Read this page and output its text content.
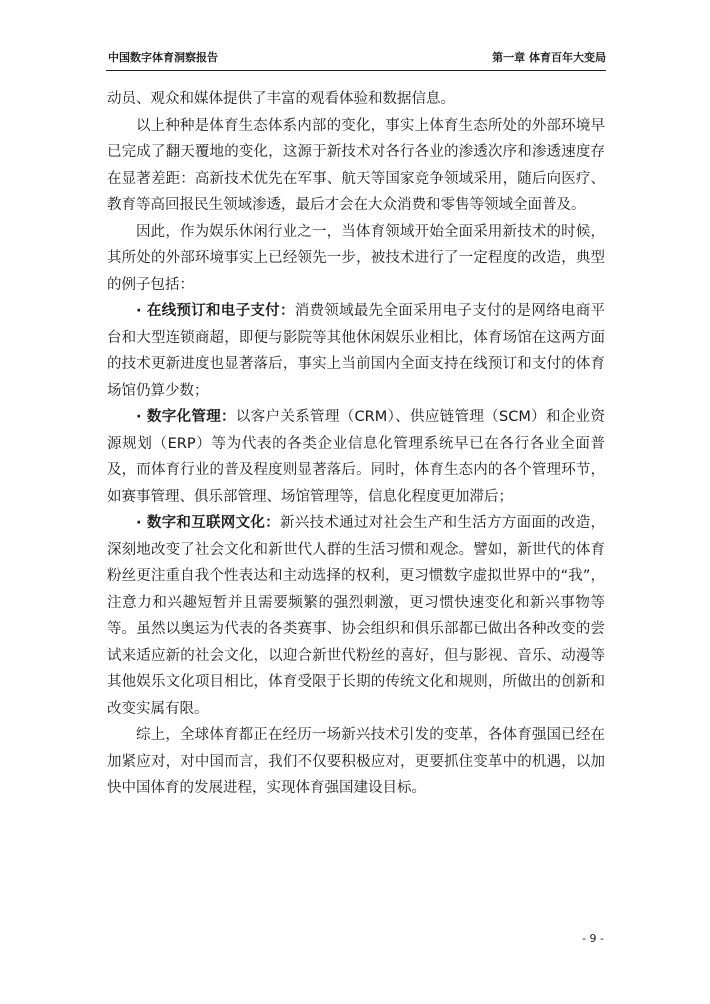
中国数字体育洞察报告	第一章 体育百年大变局

动员、观众和媒体提供了丰富的观看体验和数据信息。

以上种种是体育生态体系内部的变化，事实上体育生态所处的外部环境早已完成了翻天覆地的变化，这源于新技术对各行各业的渗透次序和渗透速度存在显著差距：高新技术优先在军事、航天等国家竞争领域采用，随后向医疗、教育等高回报民生领域渗透，最后才会在大众消费和零售等领域全面普及。

因此，作为娱乐休闲行业之一，当体育领域开始全面采用新技术的时候，其所处的外部环境事实上已经领先一步，被技术进行了一定程度的改造，典型的例子包括：

· 在线预订和电子支付：消费领域最先全面采用电子支付的是网络电商平台和大型连锁商超，即便与影院等其他休闲娱乐业相比，体育场馆在这两方面的技术更新进度也显著落后，事实上当前国内全面支持在线预订和支付的体育场馆仍算少数；

· 数字化管理：以客户关系管理（CRM）、供应链管理（SCM）和企业资源规划（ERP）等为代表的各类企业信息化管理系统早已在各行各业全面普及，而体育行业的普及程度则显著落后。同时，体育生态内的各个管理环节，如赛事管理、俱乐部管理、场馆管理等，信息化程度更加滞后；

· 数字和互联网文化：新兴技术通过对社会生产和生活方方面面的改造，深刻地改变了社会文化和新世代人群的生活习惯和观念。譬如，新世代的体育粉丝更注重自我个性表达和主动选择的权利，更习惯数字虚拟世界中的“我”，注意力和兴趣短暂并且需要频繁的强烈刺激，更习惯快速变化和新兴事物等等。虽然以奥运为代表的各类赛事、协会组织和俱乐部都已做出各种改变的尝试来适应新的社会文化，以迎合新世代粉丝的喜好，但与影视、音乐、动漫等其他娱乐文化项目相比，体育受限于长期的传统文化和规则，所做出的创新和改变实属有限。

综上，全球体育都正在经历一场新兴技术引发的变革，各体育强国已经在加紧应对，对中国而言，我们不仅要积极应对，更要抓住变革中的机遇，以加快中国体育的发展进程，实现体育强国建设目标。

- 9 -
